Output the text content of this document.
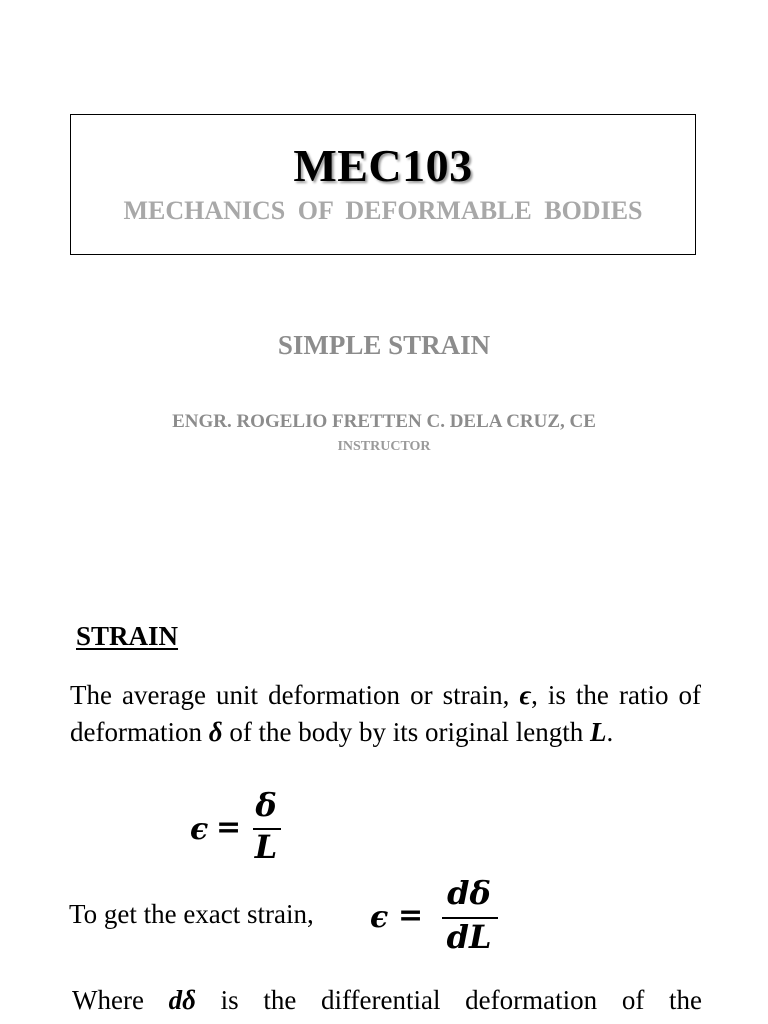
MEC103
MECHANICS OF DEFORMABLE BODIES
SIMPLE STRAIN
ENGR. ROGELIO FRETTEN C. DELA CRUZ, CE
INSTRUCTOR
STRAIN
The average unit deformation or strain, ϵ, is the ratio of deformation δ of the body by its original length L.
ϵ =
δ
L
To get the exact strain, ϵ =
dδ
dL
Where dδ is the differential deformation of the
